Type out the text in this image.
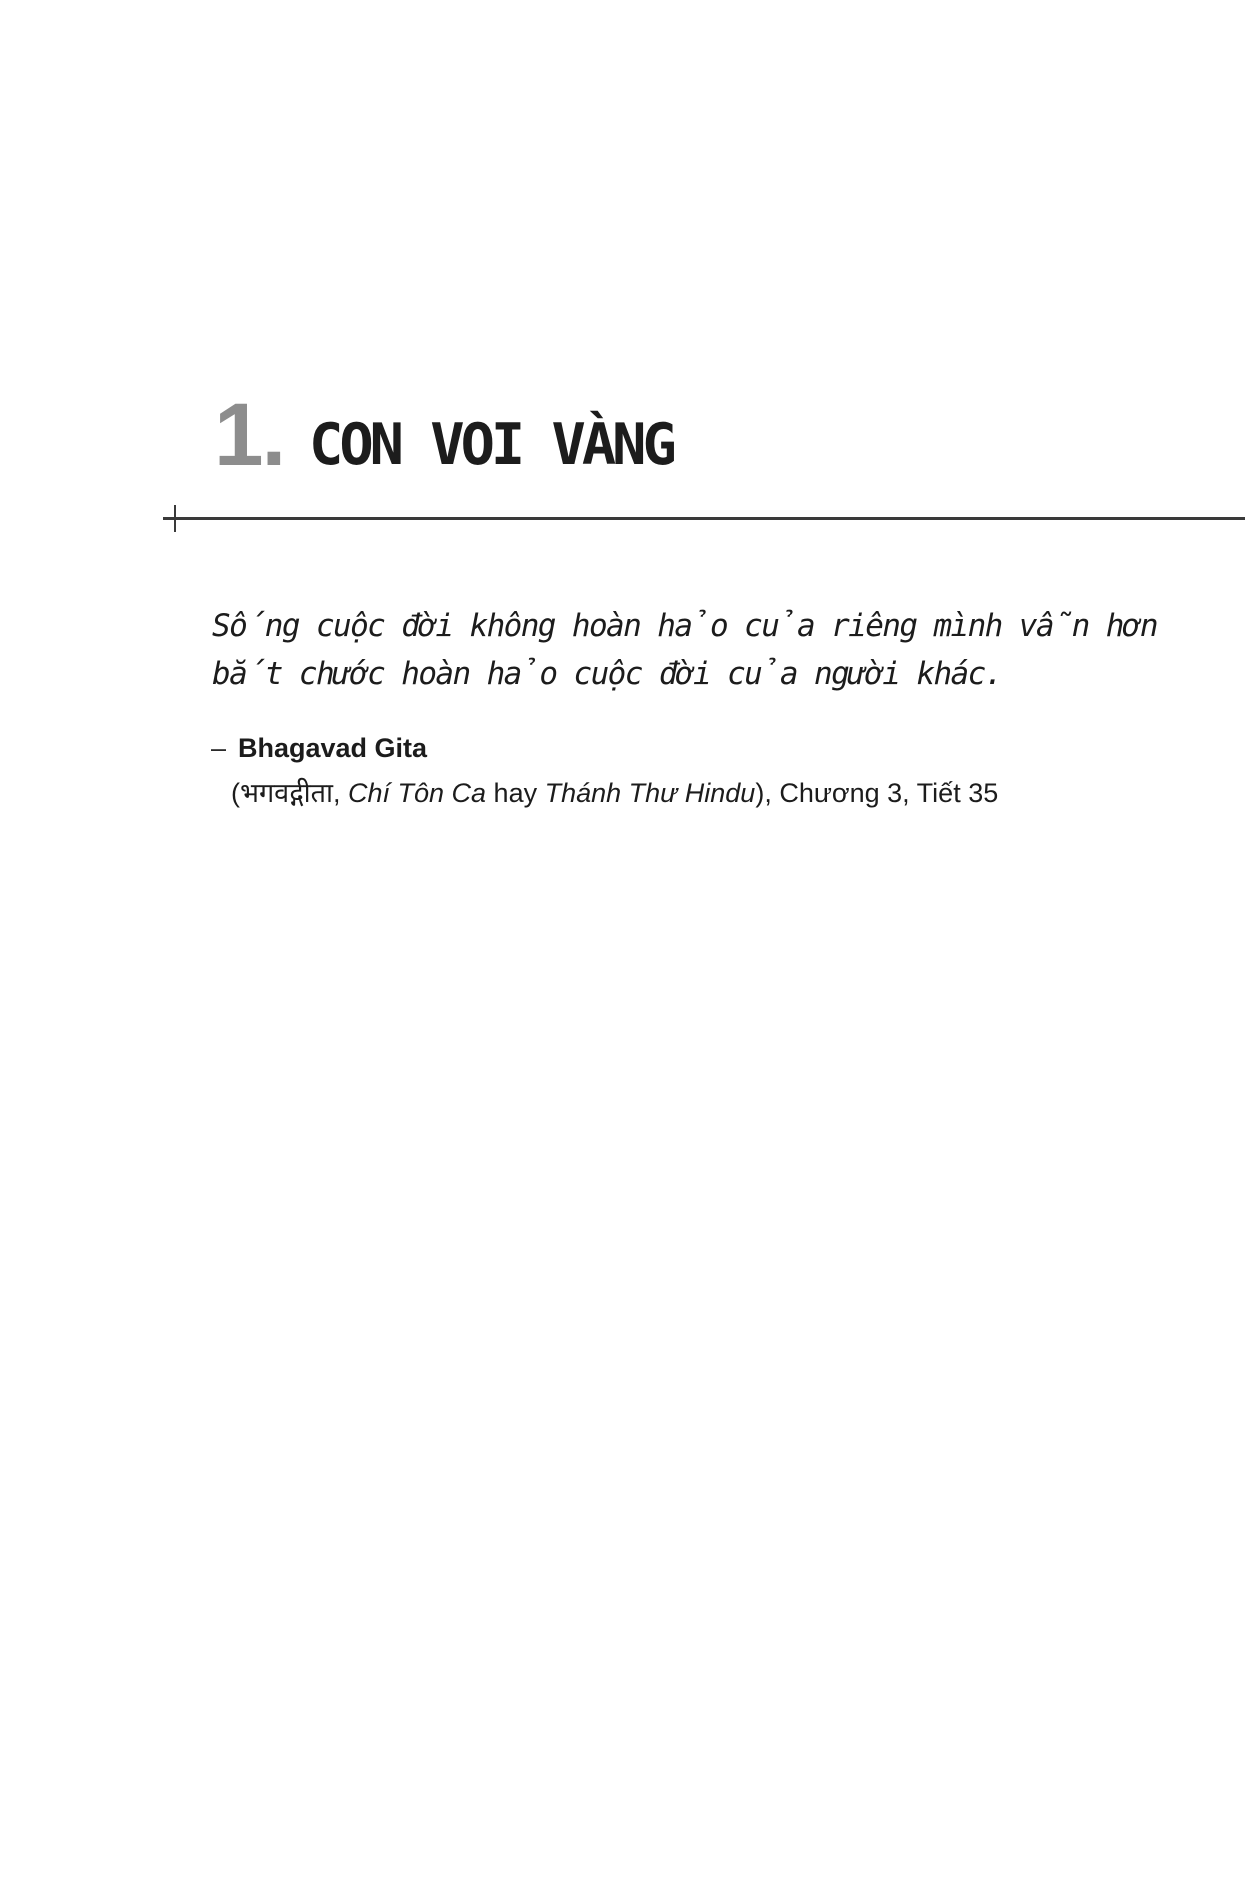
1. CON VOI VÀNG
Sống cuộc đời không hoàn hảo của riêng mình vẫn hơn
bắt chước hoàn hảo cuộc đời của người khác.
– Bhagavad Gita
(भगवद्गीता, Chí Tôn Ca hay Thánh Thư Hindu), Chương 3, Tiết 35
